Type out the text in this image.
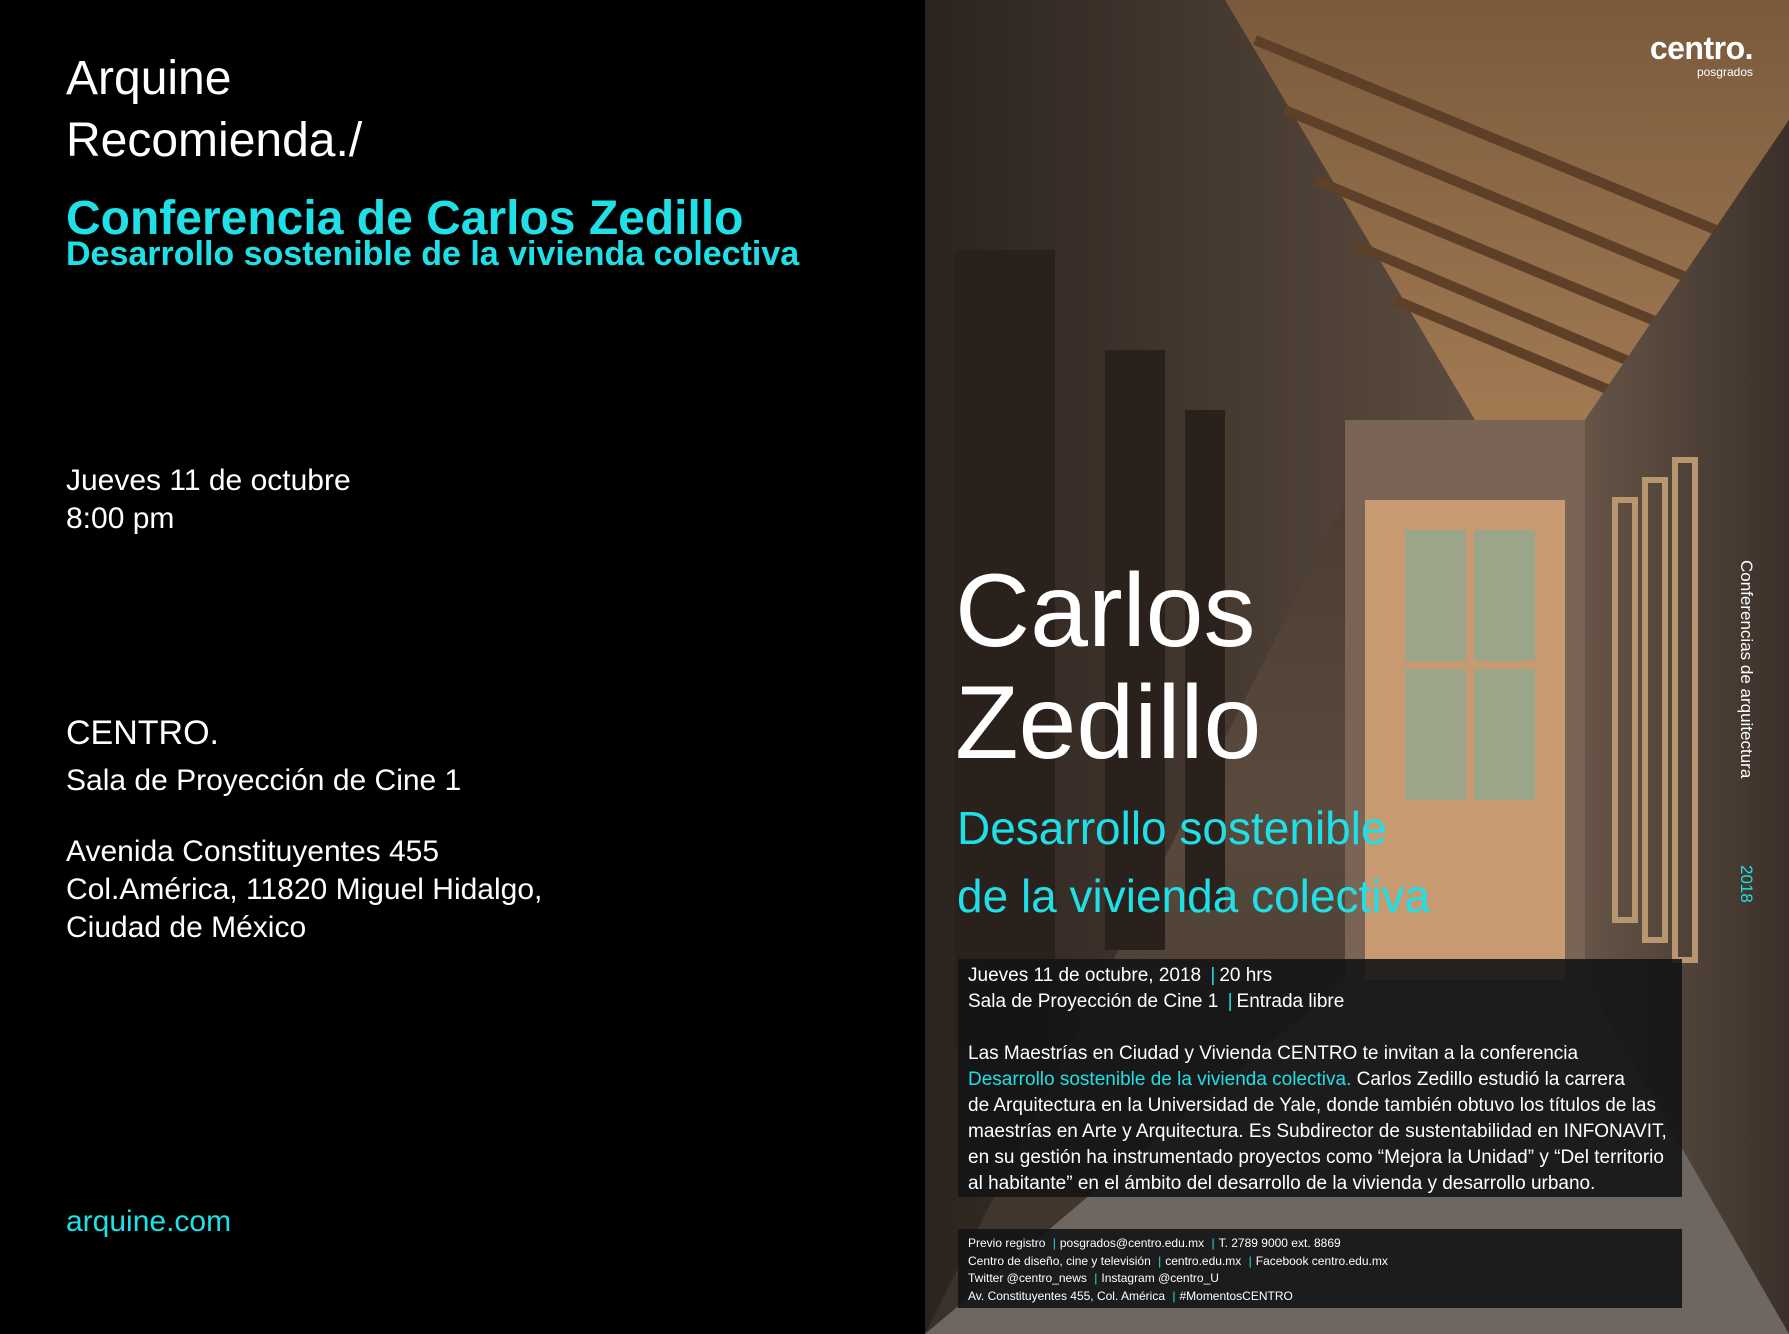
Arquine
Recomienda./
Conferencia de Carlos Zedillo
Desarrollo sostenible de la vivienda colectiva
Jueves 11 de octubre
8:00 pm
CENTRO.
Sala de Proyección de Cine 1
Avenida Constituyentes 455
Col.América, 11820 Miguel Hidalgo,
Ciudad de México
arquine.com
centro.
posgrados
Conferencias de arquitectura
2018
Carlos
Zedillo
Desarrollo sostenible
de la vivienda colectiva
Jueves 11 de octubre, 2018 | 20 hrs
Sala de Proyección de Cine 1 | Entrada libre
Las Maestrías en Ciudad y Vivienda CENTRO te invitan a la conferencia
Desarrollo sostenible de la vivienda colectiva. Carlos Zedillo estudió la carrera
de Arquitectura en la Universidad de Yale, donde también obtuvo los títulos de las
maestrías en Arte y Arquitectura. Es Subdirector de sustentabilidad en INFONAVIT,
en su gestión ha instrumentado proyectos como “Mejora la Unidad” y “Del territorio
al habitante” en el ámbito del desarrollo de la vivienda y desarrollo urbano.
Previo registro | posgrados@centro.edu.mx | T. 2789 9000 ext. 8869
Centro de diseño, cine y televisión | centro.edu.mx | Facebook centro.edu.mx
Twitter @centro_news | Instagram @centro_U
Av. Constituyentes 455, Col. América | #MomentosCENTRO
